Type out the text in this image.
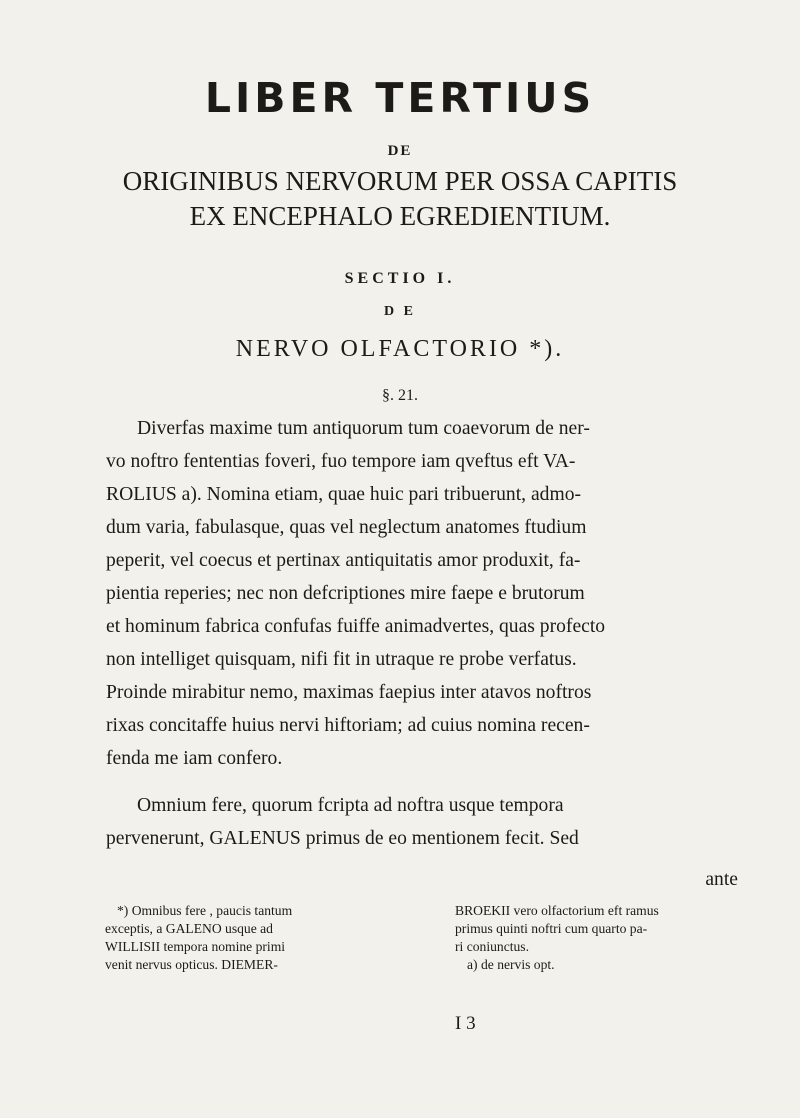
LIBER TERTIUS
DE
ORIGINIBUS NERVORUM PER OSSA CAPITIS
EX ENCEPHALO EGREDIENTIUM.
SECTIO I.
D E
NERVO OLFACTORIO *).
§. 21.
Diverfas maxime tum antiquorum tum coaevorum de ner-
vo noftro fententias foveri, fuo tempore iam qveftus eft VA-
ROLIUS a). Nomina etiam, quae huic pari tribuerunt, admo-
dum varia, fabulasque, quas vel neglectum anatomes ftudium
peperit, vel coecus et pertinax antiquitatis amor produxit, fa-
pientia reperies; nec non defcriptiones mire faepe e brutorum
et hominum fabrica confufas fuiffe animadvertes, quas profecto
non intelliget quisquam, nifi fit in utraque re probe verfatus.
Proinde mirabitur nemo, maximas faepius inter atavos noftros
rixas concitaffe huius nervi hiftoriam; ad cuius nomina recen-
fenda me iam confero.
Omnium fere, quorum fcripta ad noftra usque tempora
pervenerunt, GALENUS primus de eo mentionem fecit. Sed
ante
*) Omnibus fere , paucis tantum
exceptis, a GALENO usque ad
WILLISII tempora nomine primi
venit nervus opticus. DIEMER-
BROEKII vero olfactorium eft ramus
primus quinti noftri cum quarto pa-
ri coniunctus.
a) de nervis opt.
I 3
